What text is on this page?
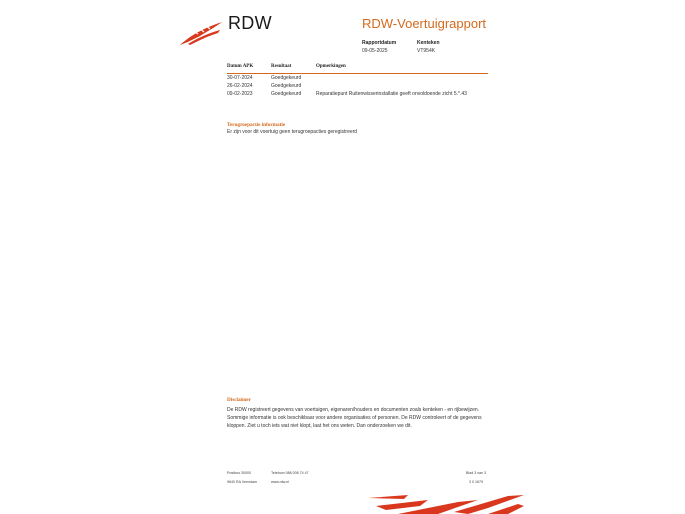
RDW	RDW-Voertuigrapport
Rapportdatum
09-05-2025
Kenteken
VT954K
Datum APK	Resultaat	Opmerkingen
30-07-2024	Goedgekeurd
26-02-2024	Goedgekeurd
09-02-2023	Goedgekeurd	Reparatiepunt Ruitenwisserinstallatie geeft onvoldoende zicht 5.*.43
Terugroepactie informatie
Er zijn voor dit voertuig geen terugroepacties geregistreerd
Disclaimer
De RDW registreert gegevens van voertuigen, eigenaren/houders en documenten zoals kenteken - en rijbewijzen. Sommige informatie is ook beschikbaar voor andere organisaties of personen. De RDW controleert of de gegevens kloppen. Ziet u toch iets wat niet klopt, laat het ons weten. Dan onderzoeken we dit.
Postbus 30000
9640 RA Veendam
Telefoon 088 008 74 47
www.rdw.nl
Blad 3 van 3
3 0 1679
